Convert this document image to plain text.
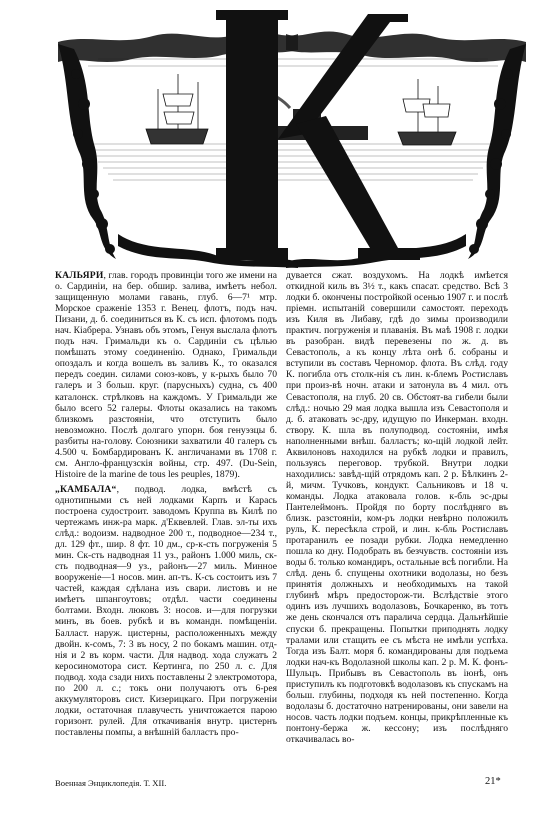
К

КАЛЬЯРИ, глав. городъ провинціи того же имени на о. Сардиніи, на бер. обшир. залива, имѣетъ небол. защищенную молами гавань, глуб. 6—7¹ мтр. Морское сраженіе 1353 г. Венец. флотъ, подъ нач. Пизани, д. б. соединиться въ К. съ исп. флотомъ подъ нач. Кіабрера. Узнавъ объ этомъ, Генуя выслала флотъ подъ нач. Гримальди къ о. Сардиніи съ цѣлью помѣшать этому соединенію. Однако, Гримальди опоздалъ и когда вошелъ въ заливъ К., то оказался передъ соедин. силами союз-ковъ, у к-рыхъ было 70 галеръ и 3 больш. круг. (парусныхъ) судна, съ 400 каталонск. стрѣлковъ на каждомъ. У Гримальди же было всего 52 галеры. Флоты оказались на такомъ близкомъ разстояніи, что отступить было невозможно. Послѣ долгаго упорн. боя генуэзцы б. разбиты на-голову. Союзники захватили 40 галеръ съ 4.500 ч. Бомбардированъ К. англичанами въ 1708 г. см. Англо-французскія войны, стр. 497. (Du-Sein, Histoire de la marine de tous les peuples, 1879).

„КАМБАЛА“, подвод. лодка, вмѣстѣ съ однотипными съ ней лодками Карпъ и Карась построена судостроит. заводомъ Круппа въ Килѣ по чертежамъ инж-ра марк. д'Еквевлей. Глав. эл-ты ихъ слѣд.: водоизм. надводное 200 т., подводное—234 т., дл. 129 фт., шир. 8 фт. 10 дм., ср-к-сть погруженія 5 мин. Ск-сть надводная 11 уз., районъ 1.000 миль, ск-сть подводная—9 уз., районъ—27 миль. Минное вооруженіе—1 носов. мин. ап-тъ. К-съ состоитъ изъ 7 частей, каждая сдѣлана изъ свари. листовъ и не имѣетъ шпангоутовъ; отдѣл. части соединены болтами. Входн. люковъ 3: носов. и—для погрузки минъ, въ боев. рубкѣ и въ командн. помѣщеніи. Балласт. наруж. цистерны, расположенныхъ между двойн. к-сомъ, 7: 3 въ носу, 2 по бокамъ машин. отд-нія и 2 въ корм. части. Для надвод. хода служатъ 2 керосиномотора сист. Кертинга, по 250 л. с. Для подвод. хода сзади нихъ поставлены 2 электромотора, по 200 л. с.; токъ они получаютъ отъ 6-рея аккумуляторовъ сист. Кизерицкаго. При погруженіи лодки, остаточная плавучесть уничтожается парою горизонт. рулей. Для откачиванія внутр. цистернъ поставлены помпы, а внѣшній балластъ про-

дувается сжат. воздухомъ. На лодкѣ имѣется откидной киль въ 3½ т., какъ спасат. средство. Всѣ 3 лодки б. окончены постройкой осенью 1907 г. и послѣ пріемн. испытаній совершили самостоят. переходъ изъ Киля въ Либаву, гдѣ до зимы производили практич. погруженія и плаванія. Въ маѣ 1908 г. лодки въ разобран. видѣ перевезены по ж. д. въ Севастополь, а къ концу лѣта онѣ б. собраны и вступили въ составъ Черномор. флота. Въ слѣд. году К. погибла отъ столк-нія съ лин. к-блемъ Ростиславъ при произ-вѣ ночн. атаки и затонула въ 4 мил. отъ Севастополя, на глуб. 20 св. Обстоят-ва гибели были слѣд.: ночью 29 мая лодка вышла изъ Севастополя и д. б. атаковать эс-дру, идущую по Инкерман. входн. створу. К. шла въ полуподвод. состояніи, имѣя наполненными внѣш. балластъ; ко-щій лодкой лейт. Аквилоновъ находился на рубкѣ лодки и правилъ, пользуясь переговор. трубкой. Внутри лодки находились: завѣд-щій отрядомъ кап. 2 р. Бѣлкинъ 2-й, мичм. Тучковъ, кондукт. Сальниковъ и 18 ч. команды. Лодка атаковала голов. к-бль эс-дры Пантелеймонъ. Пройдя по борту послѣдняго въ близк. разстояніи, ком-ръ лодки невѣрно положилъ руль, К. пересѣкла строй, и лин. к-бль Ростиславъ протаранилъ ее позади рубки. Лодка немедленно пошла ко дну. Подобрать въ безчувств. состояніи изъ воды б. только командиръ, остальные всѣ погибли. На слѣд. день б. спущены охотники водолазы, но безъ принятія должныхъ и необходимыхъ на такой глубинѣ мѣръ предосторож-ти. Вслѣдствіе этого одинъ изъ лучшихъ водолазовъ, Бочкаренко, въ тотъ же день скончался отъ паралича сердца. Дальнѣйшіе спуски б. прекращены. Попытки приподнять лодку тралами или стащить ее съ мѣста не имѣли успѣха. Тогда изъ Балт. моря б. командированы для подъема лодки нач-къ Водолазной школы кап. 2 р. М. К. фонъ-Шульцъ. Прибывъ въ Севастополь въ іюнѣ, онъ приступилъ къ подготовкѣ водолазовъ къ спускамъ на больш. глубины, подходя къ ней постепенно. Когда водолазы б. достаточно натренированы, они завели на носов. часть лодки подъем. концы, прикрѣпленные къ понтону-бержа ж. кессону; изъ послѣдняго откачивалась во-

Военная Энциклопедія. Т. XII.	21*
